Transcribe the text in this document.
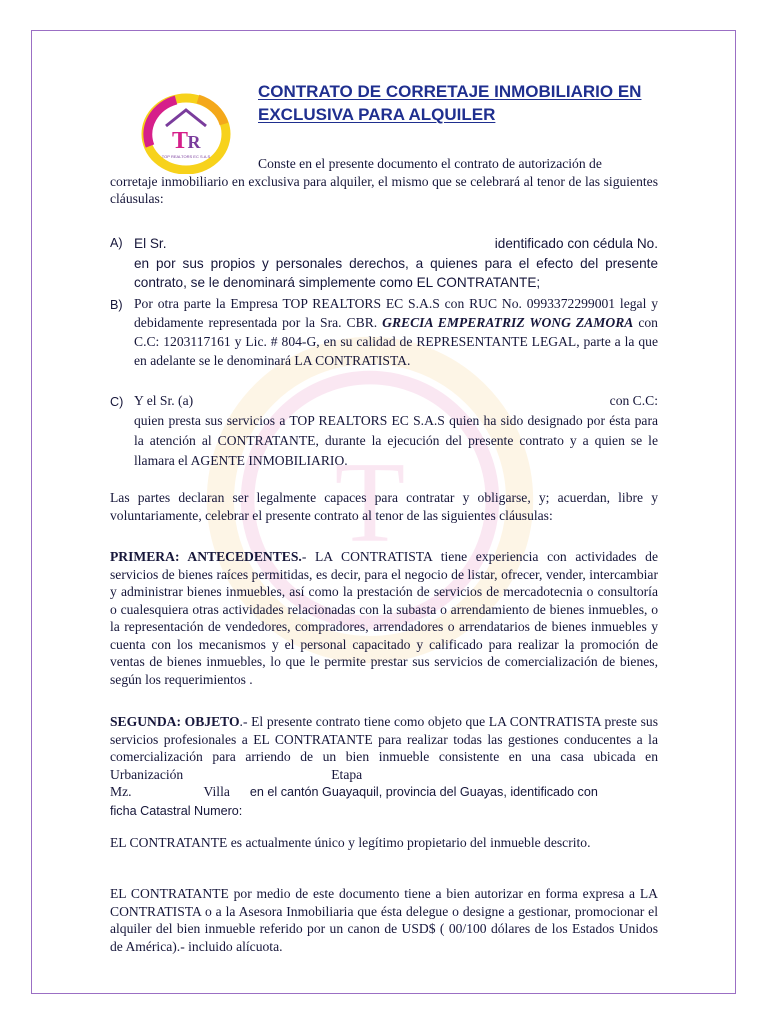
T
T R
TOP REALTORS EC S.A.S
CONTRATO DE CORRETAJE INMOBILIARIO EN
EXCLUSIVA PARA ALQUILER
Conste en el presente documento el contrato de autorización de
corretaje inmobiliario en exclusiva para alquiler, el mismo que se celebrará al tenor de las siguientes cláusulas:
A) El Sr.	identificado con cédula No.
en por sus propios y personales derechos, a quienes para el efecto del presente contrato, se le denominará simplemente como EL CONTRATANTE;
B) Por otra parte la Empresa TOP REALTORS EC S.A.S con RUC No. 0993372299001 legal y debidamente representada por la Sra. CBR. GRECIA EMPERATRIZ WONG ZAMORA con C.C: 1203117161 y Lic. # 804-G, en su calidad de REPRESENTANTE LEGAL, parte a la que en adelante se le denominará LA CONTRATISTA.
C) Y el Sr. (a)	con C.C:
quien presta sus servicios a TOP REALTORS EC S.A.S quien ha sido designado por ésta para la atención al CONTRATANTE, durante la ejecución del presente contrato y a quien se le llamara el AGENTE INMOBILIARIO.
Las partes declaran ser legalmente capaces para contratar y obligarse, y; acuerdan, libre y voluntariamente, celebrar el presente contrato al tenor de las siguientes cláusulas:
PRIMERA: ANTECEDENTES.- LA CONTRATISTA tiene experiencia con actividades de servicios de bienes raíces permitidas, es decir, para el negocio de listar, ofrecer, vender, intercambiar y administrar bienes inmuebles, así como la prestación de servicios de mercadotecnia o consultoría o cualesquiera otras actividades relacionadas con la subasta o arrendamiento de bienes inmuebles, o la representación de vendedores, compradores, arrendadores o arrendatarios de bienes inmuebles y cuenta con los mecanismos y el personal capacitado y calificado para realizar la promoción de ventas de bienes inmuebles, lo que le permite prestar sus servicios de comercialización de bienes, según los requerimientos .
SEGUNDA: OBJETO.- El presente contrato tiene como objeto que LA CONTRATISTA preste sus servicios profesionales a EL CONTRATANTE para realizar todas las gestiones conducentes a la comercialización para arriendo de un bien inmueble consistente en una casa ubicada en Urbanización	Etapa
Mz.	Villa en el cantón Guayaquil, provincia del Guayas, identificado con
ficha Catastral Numero:
EL CONTRATANTE es actualmente único y legítimo propietario del inmueble descrito.
EL CONTRATANTE por medio de este documento tiene a bien autorizar en forma expresa a LA CONTRATISTA o a la Asesora Inmobiliaria que ésta delegue o designe a gestionar, promocionar el alquiler del bien inmueble referido por un canon de USD$ ( 00/100 dólares de los Estados Unidos de América).- incluido alícuota.
